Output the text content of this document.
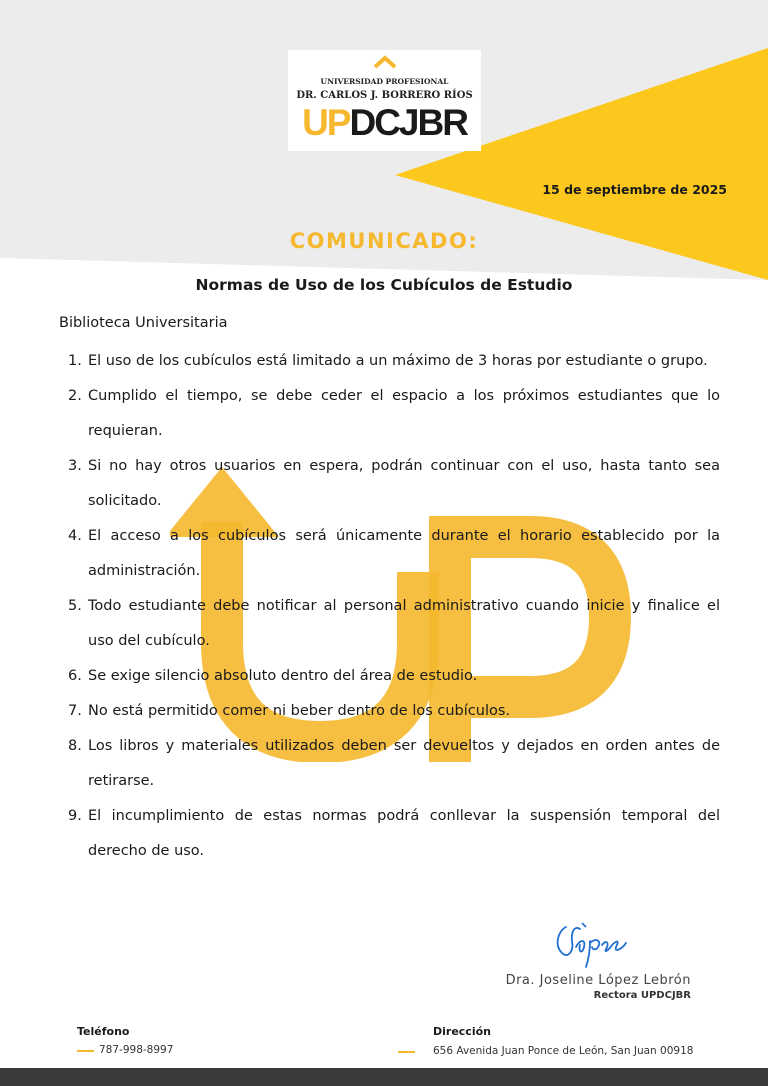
UNIVERSIDAD PROFESIONAL
DR. CARLOS J. BORRERO RÍOS
UPDCJBR
15 de septiembre de 2025
COMUNICADO:
Normas de Uso de los Cubículos de Estudio
Biblioteca Universitaria
1. El uso de los cubículos está limitado a un máximo de 3 horas por estudiante o grupo.
2. Cumplido el tiempo, se debe ceder el espacio a los próximos estudiantes que lo requieran.
3. Si no hay otros usuarios en espera, podrán continuar con el uso, hasta tanto sea solicitado.
4. El acceso a los cubículos será únicamente durante el horario establecido por la administración.
5. Todo estudiante debe notificar al personal administrativo cuando inicie y finalice el uso del cubículo.
6. Se exige silencio absoluto dentro del área de estudio.
7. No está permitido comer ni beber dentro de los cubículos.
8. Los libros y materiales utilizados deben ser devueltos y dejados en orden antes de retirarse.
9. El incumplimiento de estas normas podrá conllevar la suspensión temporal del derecho de uso.
Dra. Joseline López Lebrón
Rectora UPDCJBR
Teléfono
787-998-8997
Dirección
656 Avenida Juan Ponce de León, San Juan 00918
